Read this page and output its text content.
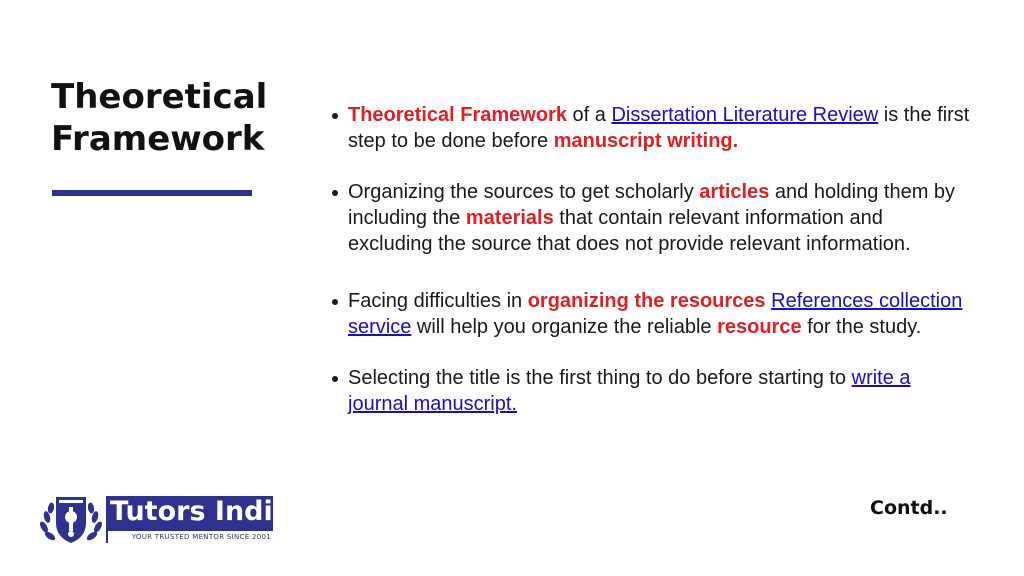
Theoretical
Framework
Theoretical Framework of a Dissertation Literature Review is the first step to be done before manuscript writing.
Organizing the sources to get scholarly articles and holding them by including the materials that contain relevant information and excluding the source that does not provide relevant information.
Facing difficulties in organizing the resources References collection service will help you organize the reliable resource for the study.
Selecting the title is the first thing to do before starting to write a journal manuscript.
Tutors India
YOUR TRUSTED MENTOR SINCE 2001
Contd..
